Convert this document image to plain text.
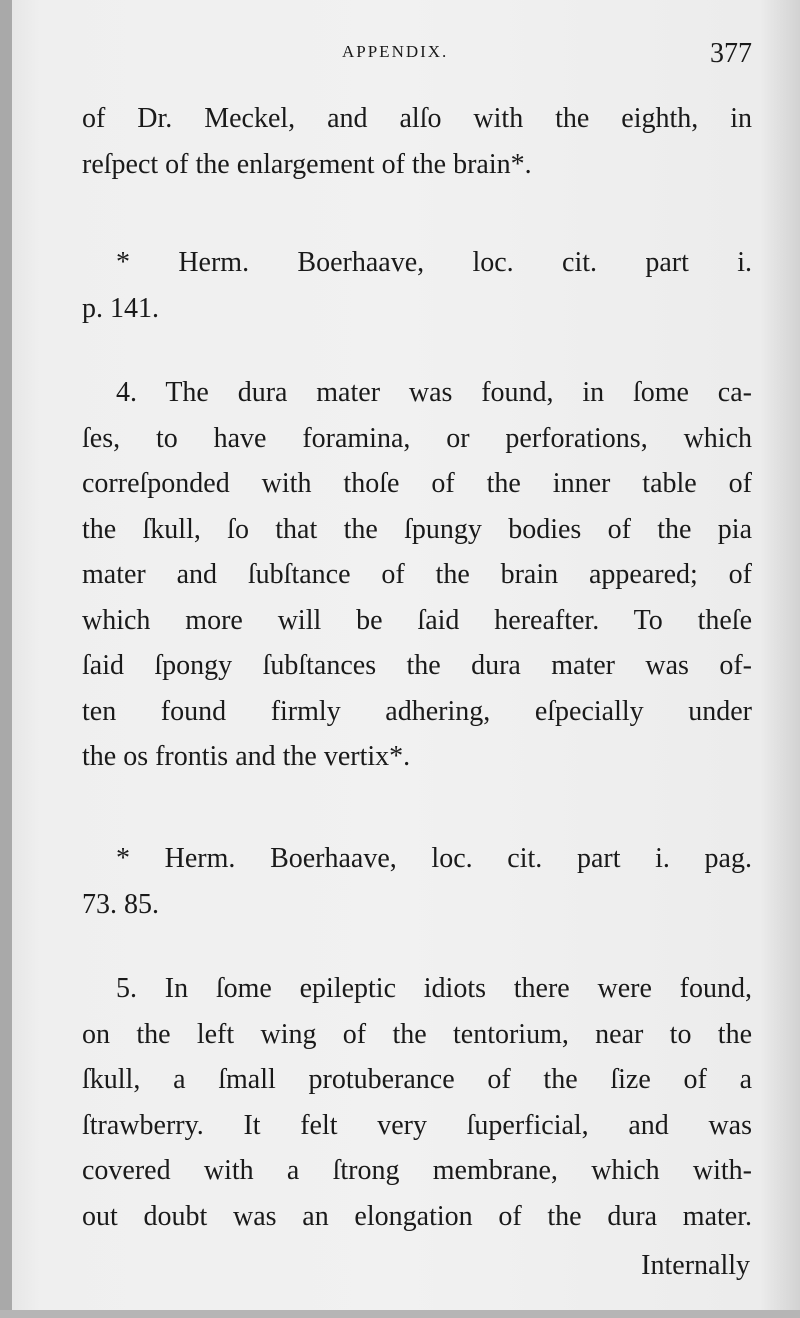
APPENDIX.	377
of Dr. Meckel, and alſo with the eighth, in
reſpect of the enlargement of the brain*.
* Herm. Boerhaave, loc. cit. part i.
p. 141.
4. The dura mater was found, in ſome ca-
ſes, to have foramina, or perforations, which
correſponded with thoſe of the inner table of
the ſkull, ſo that the ſpungy bodies of the pia
mater and ſubſtance of the brain appeared; of
which more will be ſaid hereafter. To theſe
ſaid ſpongy ſubſtances the dura mater was of-
ten found firmly adhering, eſpecially under
the os frontis and the vertix*.
* Herm. Boerhaave, loc. cit. part i. pag.
73. 85.
5. In ſome epileptic idiots there were found,
on the left wing of the tentorium, near to the
ſkull, a ſmall protuberance of the ſize of a
ſtrawberry. It felt very ſuperficial, and was
covered with a ſtrong membrane, which with-
out doubt was an elongation of the dura mater.
Internally
